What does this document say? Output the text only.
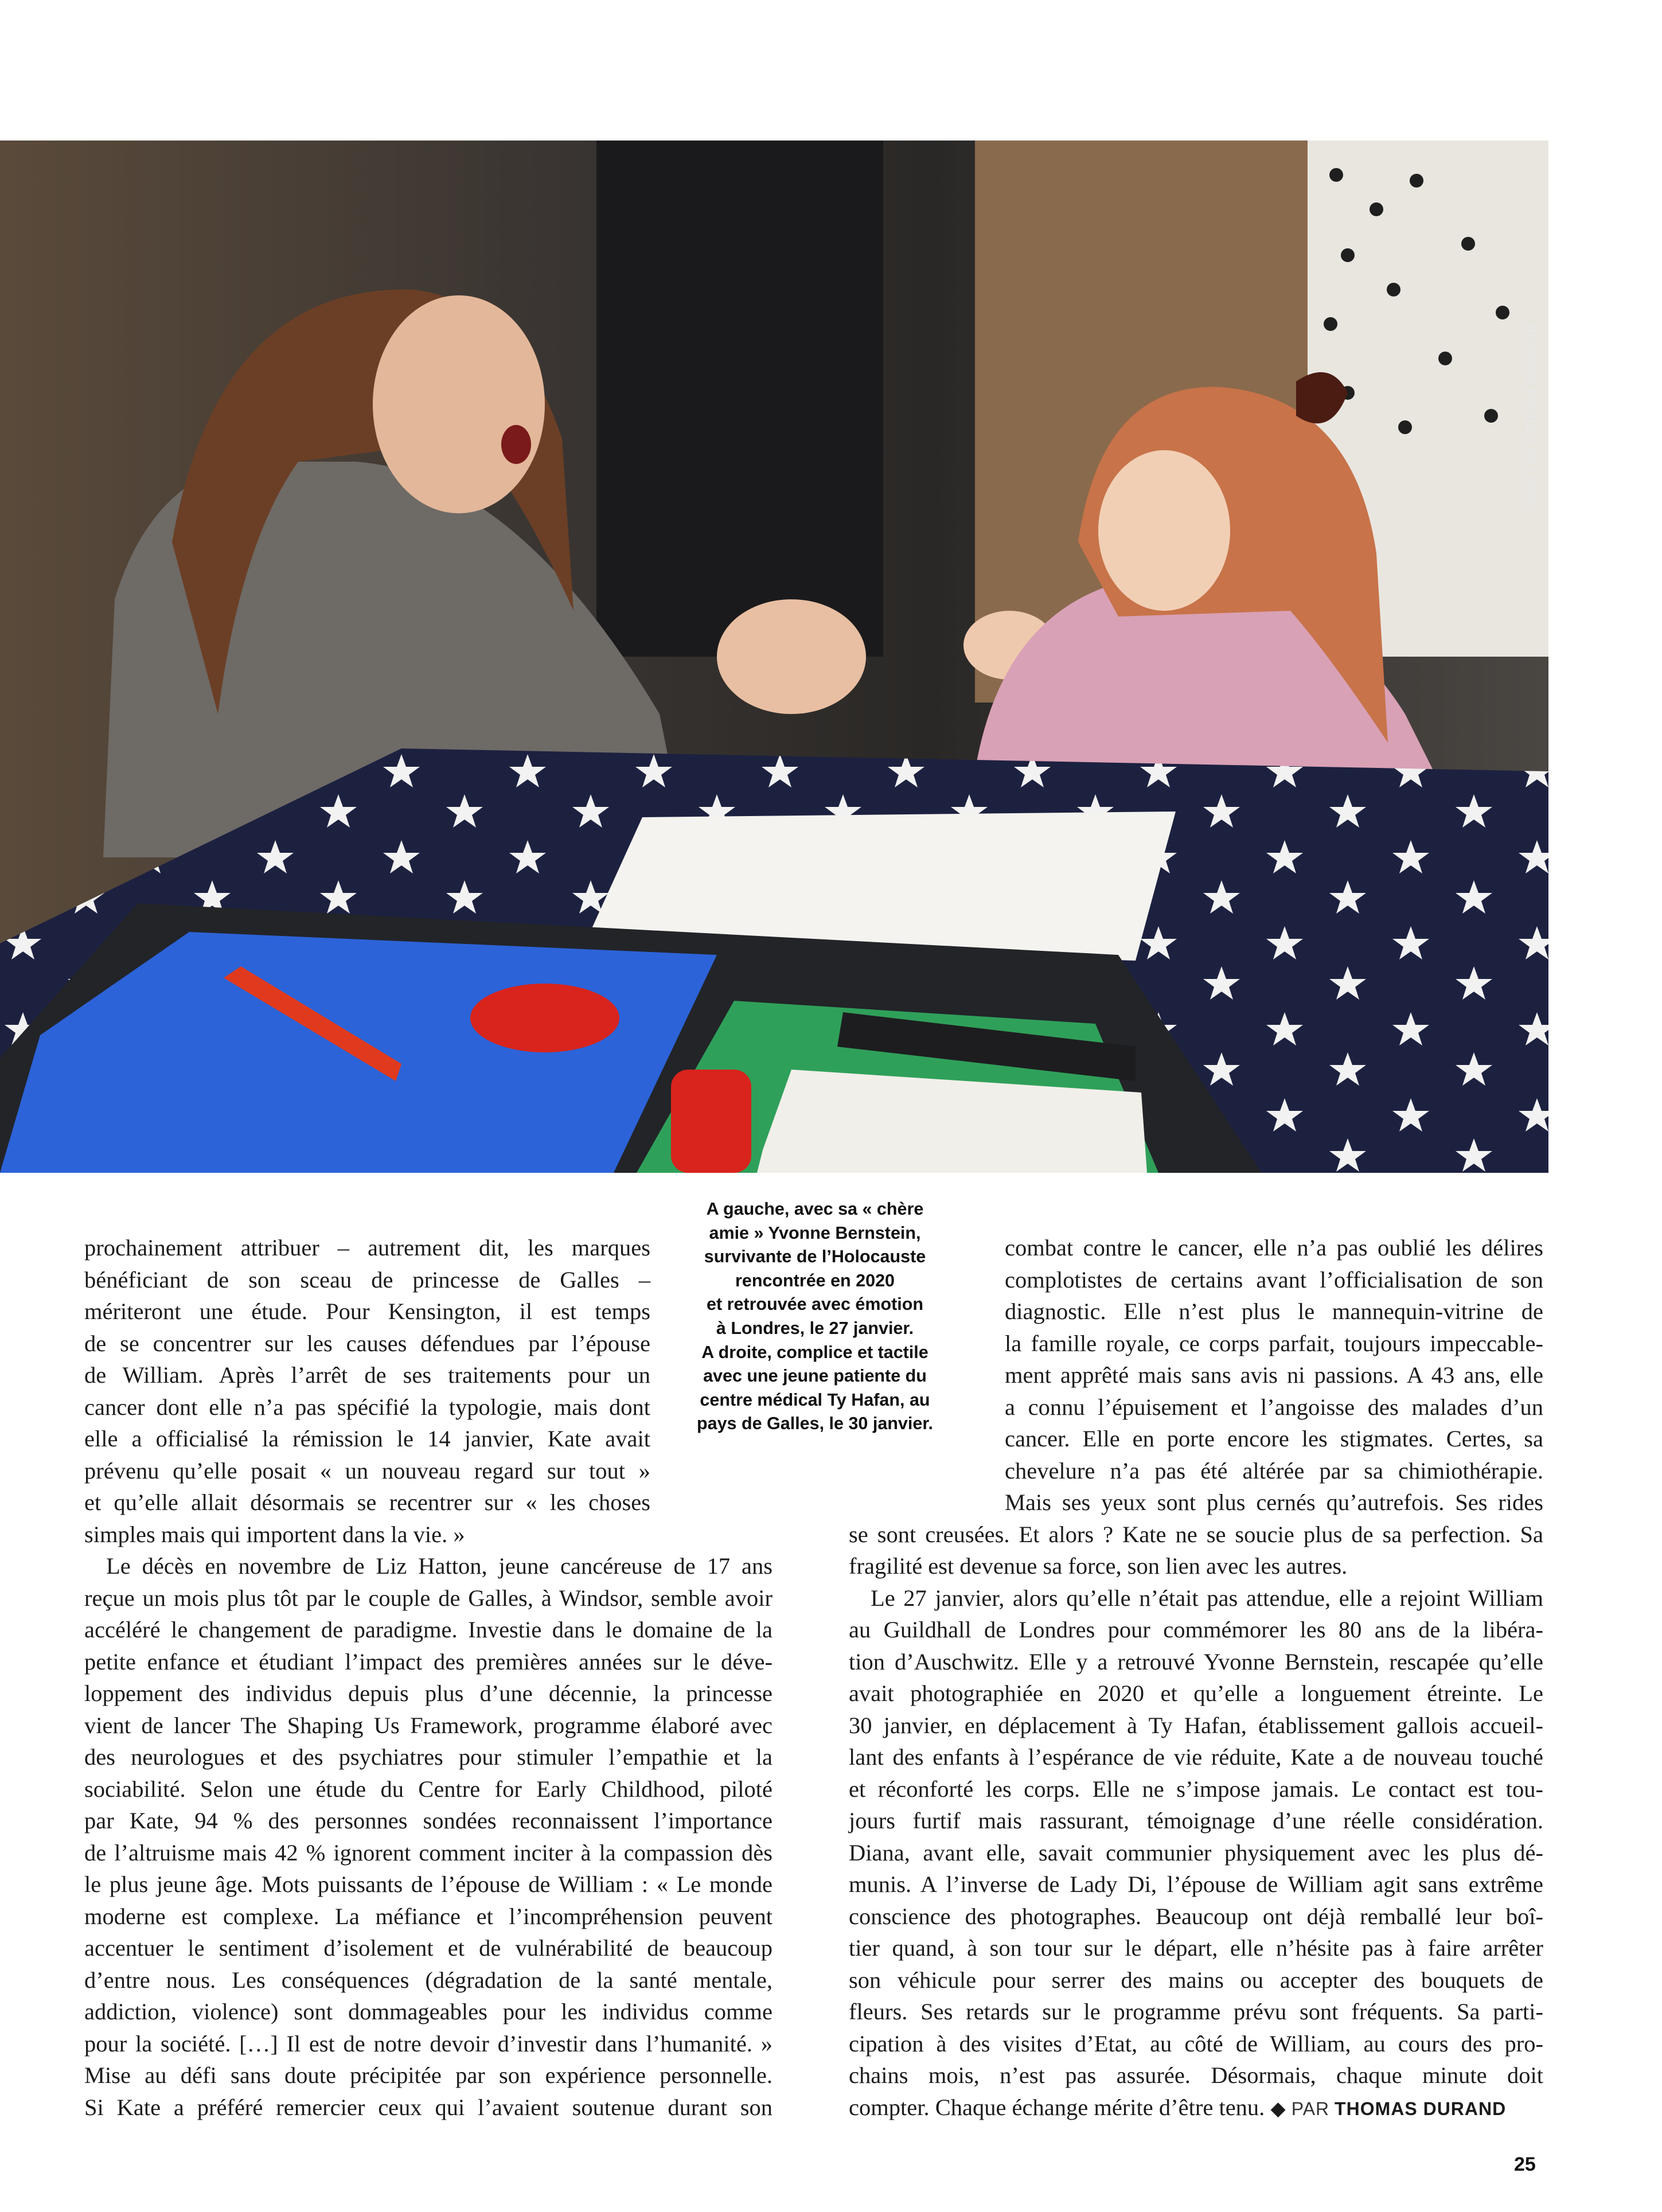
RICHARD POHLE / AP / SIPA
A gauche, avec sa « chère
amie » Yvonne Bernstein,
survivante de l’Holocauste
rencontrée en 2020
et retrouvée avec émotion
à Londres, le 27 janvier.
A droite, complice et tactile
avec une jeune patiente du
centre médical Ty Hafan, au
pays de Galles, le 30 janvier.
prochainement attribuer – autrement dit, les marques
bénéficiant de son sceau de princesse de Galles –
mériteront une étude. Pour Kensington, il est temps
de se concentrer sur les causes défendues par l’épouse
de William. Après l’arrêt de ses traitements pour un
cancer dont elle n’a pas spécifié la typologie, mais dont
elle a officialisé la rémission le 14 janvier, Kate avait
prévenu qu’elle posait « un nouveau regard sur tout »
et qu’elle allait désormais se recentrer sur « les choses
simples mais qui importent dans la vie. »
Le décès en novembre de Liz Hatton, jeune cancéreuse de 17 ans
reçue un mois plus tôt par le couple de Galles, à Windsor, semble avoir
accéléré le changement de paradigme. Investie dans le domaine de la
petite enfance et étudiant l’impact des premières années sur le déve-
loppement des individus depuis plus d’une décennie, la princesse
vient de lancer The Shaping Us Framework, programme élaboré avec
des neurologues et des psychiatres pour stimuler l’empathie et la
sociabilité. Selon une étude du Centre for Early Childhood, piloté
par Kate, 94 % des personnes sondées reconnaissent l’importance
de l’altruisme mais 42 % ignorent comment inciter à la compassion dès
le plus jeune âge. Mots puissants de l’épouse de William : « Le monde
moderne est complexe. La méfiance et l’incompréhension peuvent
accentuer le sentiment d’isolement et de vulnérabilité de beaucoup
d’entre nous. Les conséquences (dégradation de la santé mentale,
addiction, violence) sont dommageables pour les individus comme
pour la société. […] Il est de notre devoir d’investir dans l’humanité. »
Mise au défi sans doute précipitée par son expérience personnelle.
Si Kate a préféré remercier ceux qui l’avaient soutenue durant son
combat contre le cancer, elle n’a pas oublié les délires
complotistes de certains avant l’officialisation de son
diagnostic. Elle n’est plus le mannequin-vitrine de
la famille royale, ce corps parfait, toujours impeccable-
ment apprêté mais sans avis ni passions. A 43 ans, elle
a connu l’épuisement et l’angoisse des malades d’un
cancer. Elle en porte encore les stigmates. Certes, sa
chevelure n’a pas été altérée par sa chimiothérapie.
Mais ses yeux sont plus cernés qu’autrefois. Ses rides
se sont creusées. Et alors ? Kate ne se soucie plus de sa perfection. Sa
fragilité est devenue sa force, son lien avec les autres.
Le 27 janvier, alors qu’elle n’était pas attendue, elle a rejoint William
au Guildhall de Londres pour commémorer les 80 ans de la libéra-
tion d’Auschwitz. Elle y a retrouvé Yvonne Bernstein, rescapée qu’elle
avait photographiée en 2020 et qu’elle a longuement étreinte. Le
30 janvier, en déplacement à Ty Hafan, établissement gallois accueil-
lant des enfants à l’espérance de vie réduite, Kate a de nouveau touché
et réconforté les corps. Elle ne s’impose jamais. Le contact est tou-
jours furtif mais rassurant, témoignage d’une réelle considération.
Diana, avant elle, savait communier physiquement avec les plus dé-
munis. A l’inverse de Lady Di, l’épouse de William agit sans extrême
conscience des photographes. Beaucoup ont déjà remballé leur boî-
tier quand, à son tour sur le départ, elle n’hésite pas à faire arrêter
son véhicule pour serrer des mains ou accepter des bouquets de
fleurs. Ses retards sur le programme prévu sont fréquents. Sa parti-
cipation à des visites d’Etat, au côté de William, au cours des pro-
chains mois, n’est pas assurée. Désormais, chaque minute doit
compter. Chaque échange mérite d’être tenu. ◆ PAR THOMAS DURAND
25
